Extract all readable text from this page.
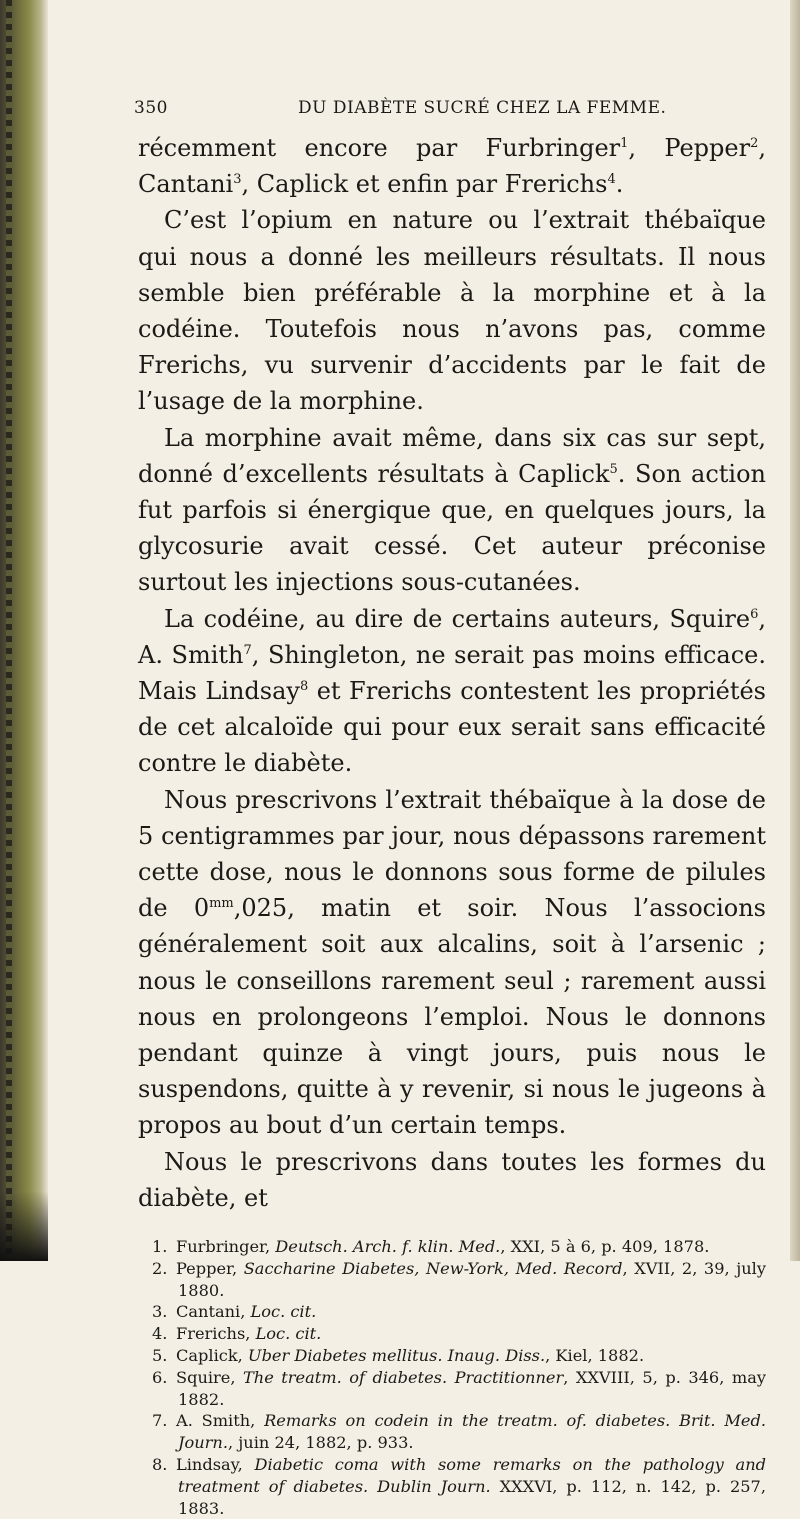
350	DU DIABÈTE SUCRÉ CHEZ LA FEMME.

récemment encore par Furbringer$^1$, Pepper$^2$, Cantani$^3$, Caplick et enfin par Frerichs$^4$.

C’est l’opium en nature ou l’extrait thébaïque qui nous a donné les meilleurs résultats. Il nous semble bien préférable à la morphine et à la codéine. Toutefois nous n’avons pas, comme Frerichs, vu survenir d’accidents par le fait de l’usage de la morphine.

La morphine avait même, dans six cas sur sept, donné d’excellents résultats à Caplick$^5$. Son action fut parfois si énergique que, en quelques jours, la glycosurie avait cessé. Cet auteur préconise surtout les injections sous-cutanées.

La codéine, au dire de certains auteurs, Squire$^6$, A. Smith$^7$, Shingleton, ne serait pas moins efficace. Mais Lindsay$^8$ et Frerichs contestent les propriétés de cet alcaloïde qui pour eux serait sans efficacité contre le diabète.

Nous prescrivons l’extrait thébaïque à la dose de 5 centigrammes par jour, nous dépassons rarement cette dose, nous le donnons sous forme de pilules de $0^{mm},025$, matin et soir. Nous l’associons généralement soit aux alcalins, soit à l’arsenic ; nous le conseillons rarement seul ; rarement aussi nous en prolongeons l’emploi. Nous le donnons pendant quinze à vingt jours, puis nous le suspendons, quitte à y revenir, si nous le jugeons à propos au bout d’un certain temps.

Nous le prescrivons dans toutes les formes du diabète, et

1. Furbringer, Deutsch. Arch. f. klin. Med., XXI, 5 à 6, p. 409, 1878.

2. Pepper, Saccharine Diabetes, New-York, Med. Record, XVII, 2, 39, july 1880.

3. Cantani, Loc. cit.

4. Frerichs, Loc. cit.

5. Caplick, Uber Diabetes mellitus. Inaug. Diss., Kiel, 1882.

6. Squire, The treatm. of diabetes. Practitionner, XXVIII, 5, p. 346, may 1882.

7. A. Smith, Remarks on codein in the treatm. of. diabetes. Brit. Med. Journ., juin 24, 1882, p. 933.

8. Lindsay, Diabetic coma with some remarks on the pathology and treatment of diabetes. Dublin Journ. XXXVI, p. 112, n. 142, p. 257, 1883.
